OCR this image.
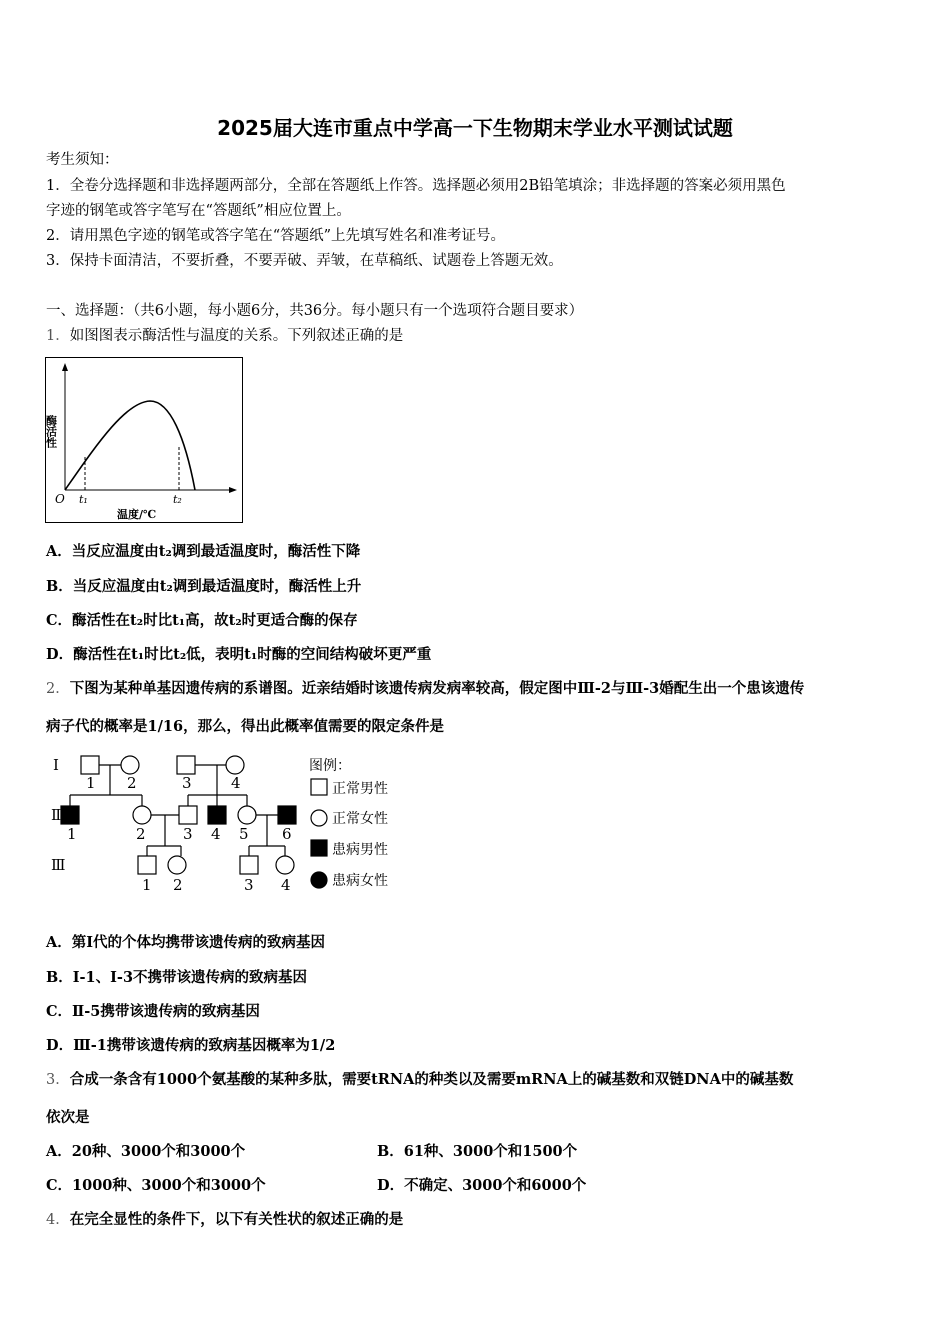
2025届大连市重点中学高一下生物期末学业水平测试试题
考生须知：
1．全卷分选择题和非选择题两部分，全部在答题纸上作答。选择题必须用2B铅笔填涂；非选择题的答案必须用黑色
字迹的钢笔或答字笔写在“答题纸”相应位置上。
2．请用黑色字迹的钢笔或答字笔在“答题纸”上先填写姓名和准考证号。
3．保持卡面清洁，不要折叠，不要弄破、弄皱，在草稿纸、试题卷上答题无效。
一、选择题：（共6小题，每小题6分，共36分。每小题只有一个选项符合题目要求）
1．如图图表示酶活性与温度的关系。下列叙述正确的是
酶活性
O t₁	t₂
温度/℃
A．当反应温度由t₂调到最适温度时，酶活性下降
B．当反应温度由t₂调到最适温度时，酶活性上升
C．酶活性在t₂时比t₁高，故t₂时更适合酶的保存
D．酶活性在t₁时比t₂低，表明t₁时酶的空间结构破坏更严重
2．下图为某种单基因遗传病的系谱图。近亲结婚时该遗传病发病率较高，假定图中Ⅲ-2与Ⅲ-3婚配生出一个患该遗传
病子代的概率是1/16，那么，得出此概率值需要的限定条件是
Ⅰ
Ⅱ
Ⅲ
1 2	3	4
1	2 3 4 5 6
1 2	3 4
图例：
正常男性
正常女性
患病男性
患病女性
A．第Ⅰ代的个体均携带该遗传病的致病基因
B．Ⅰ-1、Ⅰ-3不携带该遗传病的致病基因
C．Ⅱ-5携带该遗传病的致病基因
D．Ⅲ-1携带该遗传病的致病基因概率为1/2
3．合成一条含有1000个氨基酸的某种多肽，需要tRNA的种类以及需要mRNA上的碱基数和双链DNA中的碱基数
依次是
A．20种、3000个和3000个	B．61种、3000个和1500个
C．1000种、3000个和3000个	D．不确定、3000个和6000个
4．在完全显性的条件下，以下有关性状的叙述正确的是
